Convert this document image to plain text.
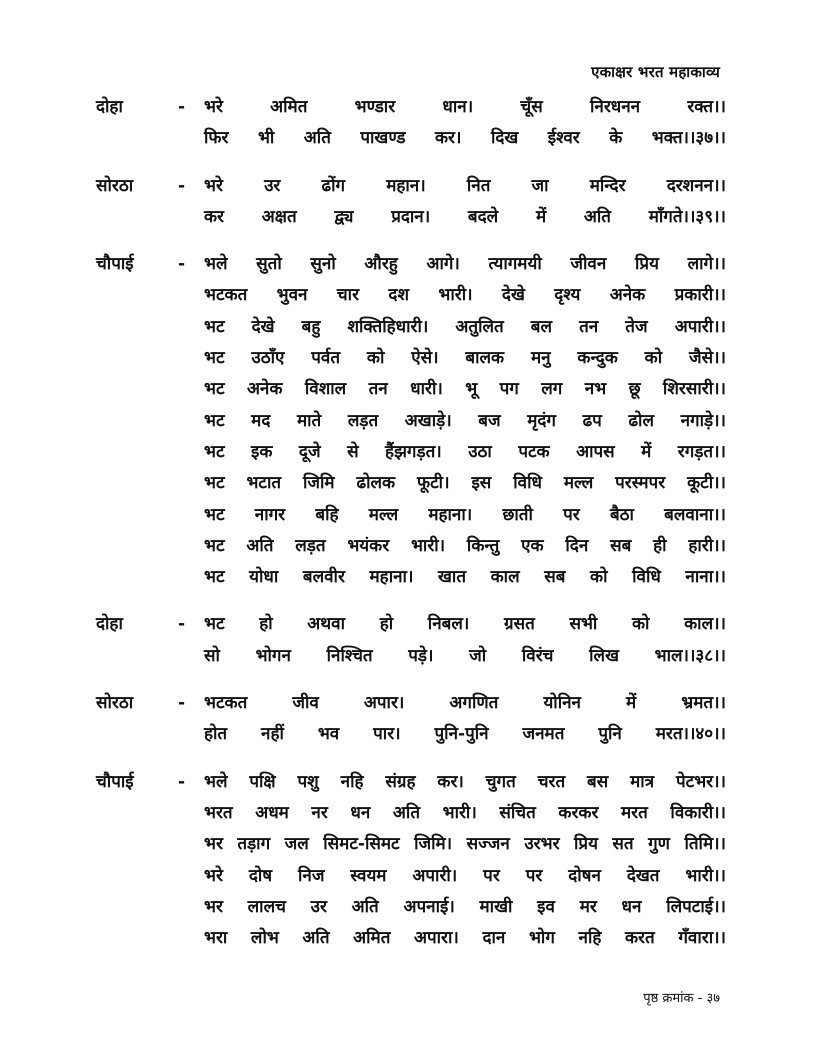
एकाक्षर भरत महाकाव्य
दोहा	-	भरे अमित भण्डार धान। चूँस निरधनन रक्त।।
फिर भी अति पाखण्ड कर। दिख ईश्वर के भक्त।।३७।।
सोरठा	-	भरे उर ढोंग महान। नित जा मन्दिर दरशनन।।
कर अक्षत द्व्य प्रदान। बदले में अति माँगते।।३९।।
चौपाई	-	भले सुतो सुनो औरहु आगे। त्यागमयी जीवन प्रिय लागे।।
भटकत भुवन चार दश भारी। देखे दृश्य अनेक प्रकारी।।
भट देखे बहु शक्तिहिधारी। अतुलित बल तन तेज अपारी।।
भट उठाँए पर्वत को ऐसे। बालक मनु कन्दुक को जैसे।।
भट अनेक विशाल तन धारी। भू पग लग नभ छू शिरसारी।।
भट मद माते लड़त अखाड़े। बज मृदंग ढप ढोल नगाड़े।।
भट इक दूजे से हैंझगड़त। उठा पटक आपस में रगड़त।।
भट भटात जिमि ढोलक फूटी। इस विधि मल्ल परस्मपर कूटी।।
भट नागर बहि मल्ल महाना। छाती पर बैठा बलवाना।।
भट अति लड़त भयंकर भारी। किन्तु एक दिन सब ही हारी।।
भट योधा बलवीर महाना। खात काल सब को विधि नाना।।
दोहा	-	भट हो अथवा हो निबल। ग्रसत सभी को काल।।
सो भोगन निश्चित पड़े। जो विरंच लिख भाल।।३८।।
सोरठा	-	भटकत जीव अपार। अगणित योनिन में भ्रमत।।
होत नहीं भव पार। पुनि-पुनि जनमत पुनि मरत।।४०।।
चौपाई	-	भले पक्षि पशु नहि संग्रह कर। चुगत चरत बस मात्र पेटभर।।
भरत अधम नर धन अति भारी। संचित करकर मरत विकारी।।
भर तड़ाग जल सिमट-सिमट जिमि। सज्जन उरभर प्रिय सत गुण तिमि।।
भरे दोष निज स्वयम अपारी। पर पर दोषन देखत भारी।।
भर लालच उर अति अपनाई। माखी इव मर धन लिपटाई।।
भरा लोभ अति अमित अपारा। दान भोग नहि करत गँवारा।।
पृष्ठ क्रमांक - ३७
